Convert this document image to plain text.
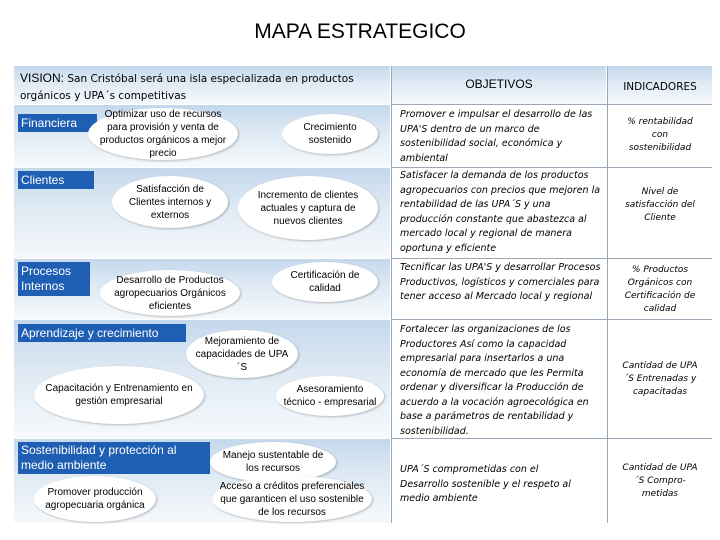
MAPA ESTRATEGICO
VISION: San Cristóbal será una isla especializada en productos orgánicos y UPA´s competitivas
OBJETIVOS	INDICADORES
Financiera
Optimizar uso de recursos para provisión y venta de productos orgánicos a mejor precio
Crecimiento sostenido
Clientes
Satisfacción de Clientes internos y externos
Incremento de clientes actuales y captura de nuevos clientes
Procesos Internos
Certificación de calidad
Desarrollo de Productos agropecuarios Orgánicos eficientes
Aprendizaje y crecimiento
Mejoramiento de capacidades de UPA´S
Capacitación y Entrenamiento en gestión empresarial
Asesoramiento técnico - empresarial
Sostenibilidad y protección al medio ambiente
Manejo sustentable de los recursos
Promover producción agropecuaria orgánica
Acceso a créditos preferenciales que garanticen el uso sostenible de los recursos
Promover e impulsar el desarrollo de las UPA'S dentro de un marco de sostenibilidad social, económica y ambiental
Satisfacer la demanda de los productos agropecuarios con precios que mejoren la rentabilidad de las UPA´S y una producción constante que abastezca al mercado local y regional de manera oportuna y eficiente
Tecnificar las UPA'S y desarrollar Procesos Productivos, logísticos y comerciales para tener acceso al Mercado local y regional
Fortalecer las organizaciones de los Productores Así como la capacidad empresarial para insertarlos a una economía de mercado que les Permita ordenar y diversificar la Producción de acuerdo a la vocación agroecológica en base a parámetros de rentabilidad y sostenibilidad.
UPA´S comprometidas con el Desarrollo sostenible y el respeto al medio ambiente
% rentabilidad con sostenibilidad
Nivel de satisfacción del Cliente
% Productos Orgánicos con Certificación de calidad
Cantidad de UPA´S Entrenadas y capacitadas
Cantidad de UPA´S Compro-metidas
